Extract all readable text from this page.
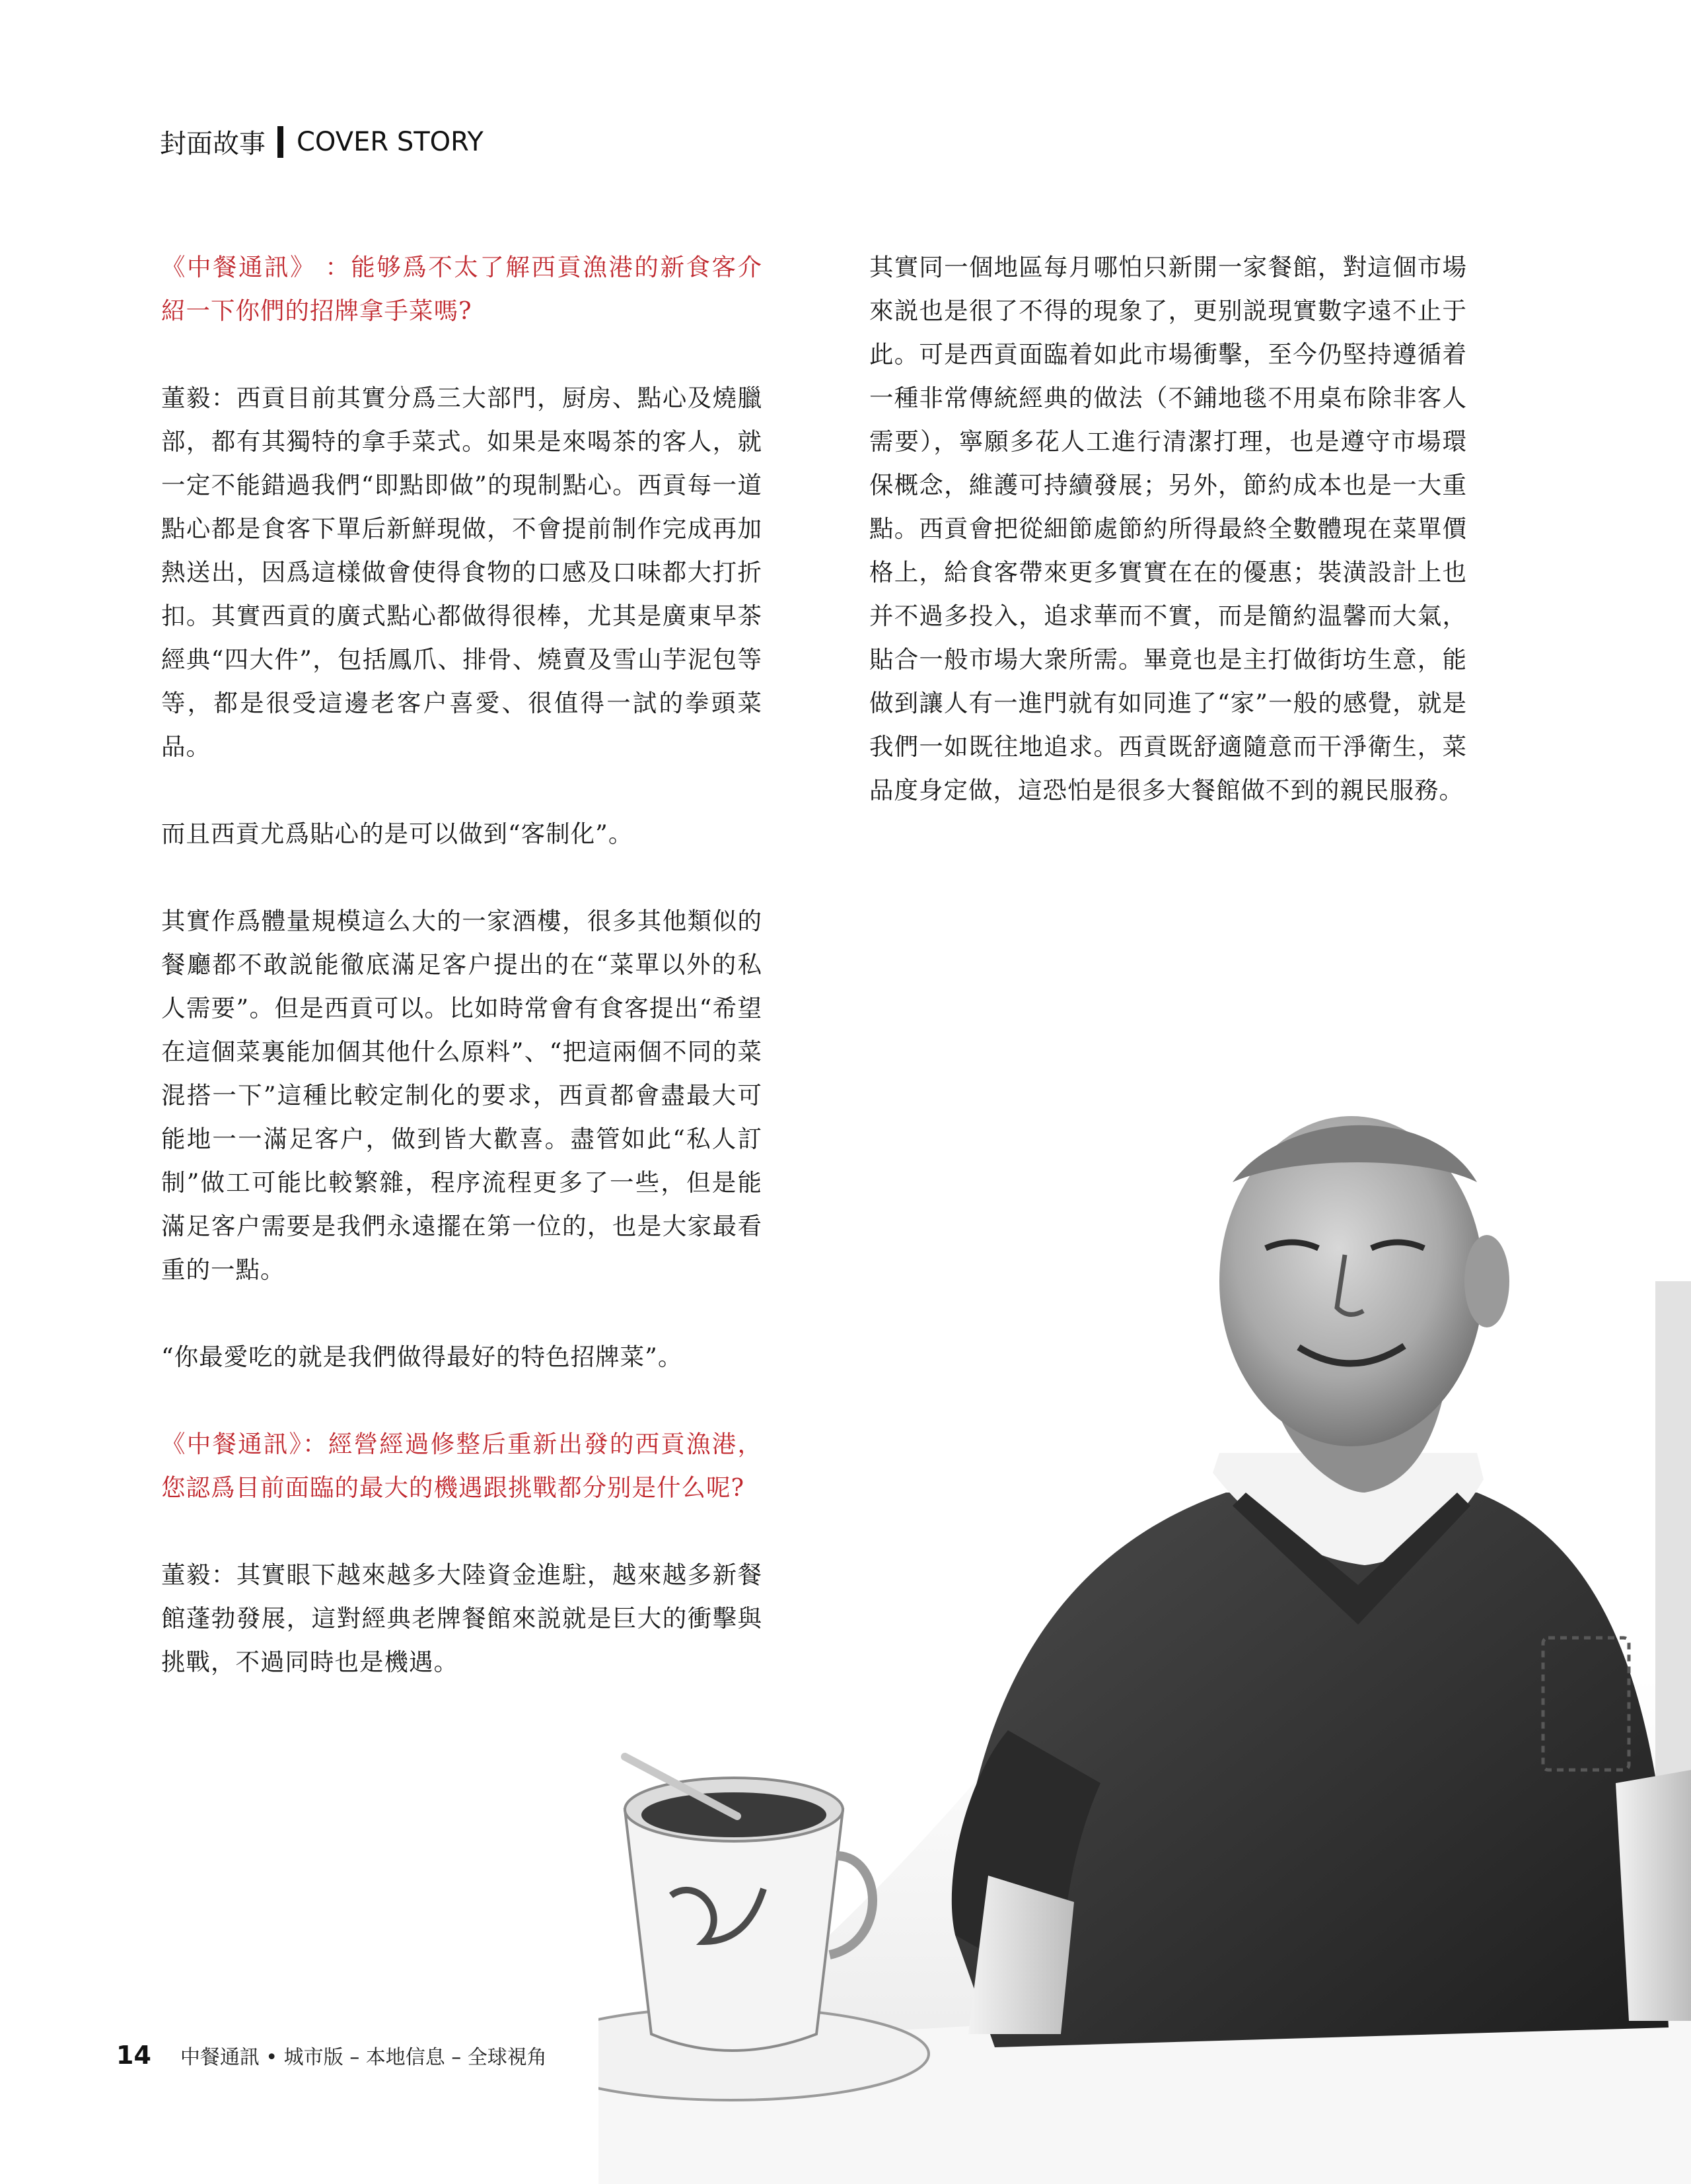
封面故事 COVER STORY

《中餐通訊》 ：能够爲不太了解西貢漁港的新食客介紹一下你們的招牌拿手菜嗎?

董毅：西貢目前其實分爲三大部門，厨房、點心及燒臘部，都有其獨特的拿手菜式。如果是來喝茶的客人，就一定不能錯過我們“即點即做”的現制點心。西貢每一道點心都是食客下單后新鮮現做，不會提前制作完成再加熱送出，因爲這樣做會使得食物的口感及口味都大打折扣。其實西貢的廣式點心都做得很棒，尤其是廣東早茶經典“四大件”，包括鳳爪、排骨、燒賣及雪山芋泥包等等，都是很受這邊老客户喜愛、很值得一試的拳頭菜品。

而且西貢尤爲貼心的是可以做到“客制化”。

其實作爲體量規模這么大的一家酒樓，很多其他類似的餐廳都不敢説能徹底滿足客户提出的在“菜單以外的私人需要”。但是西貢可以。比如時常會有食客提出“希望在這個菜裏能加個其他什么原料”、“把這兩個不同的菜混搭一下”這種比較定制化的要求，西貢都會盡最大可能地一一滿足客户，做到皆大歡喜。盡管如此“私人訂制”做工可能比較繁雜，程序流程更多了一些，但是能滿足客户需要是我們永遠擺在第一位的，也是大家最看重的一點。

“你最愛吃的就是我們做得最好的特色招牌菜”。

《中餐通訊》：經營經過修整后重新出發的西貢漁港，您認爲目前面臨的最大的機遇跟挑戰都分别是什么呢?

董毅：其實眼下越來越多大陸資金進駐，越來越多新餐館蓬勃發展，這對經典老牌餐館來説就是巨大的衝擊與挑戰，不過同時也是機遇。

其實同一個地區每月哪怕只新開一家餐館，對這個市場來説也是很了不得的現象了，更别説現實數字遠不止于此。可是西貢面臨着如此市場衝擊，至今仍堅持遵循着一種非常傳統經典的做法（不鋪地毯不用桌布除非客人需要），寧願多花人工進行清潔打理，也是遵守市場環保概念，維護可持續發展；另外，節約成本也是一大重點。西貢會把從細節處節約所得最終全數體現在菜單價格上，給食客帶來更多實實在在的優惠；裝潢設計上也并不過多投入，追求華而不實，而是簡約温馨而大氣，貼合一般市場大衆所需。畢竟也是主打做街坊生意，能做到讓人有一進門就有如同進了“家”一般的感覺，就是我們一如既往地追求。西貢既舒適隨意而干淨衛生，菜品度身定做，這恐怕是很多大餐館做不到的親民服務。

14 中餐通訊 • 城市版 – 本地信息 – 全球視角
